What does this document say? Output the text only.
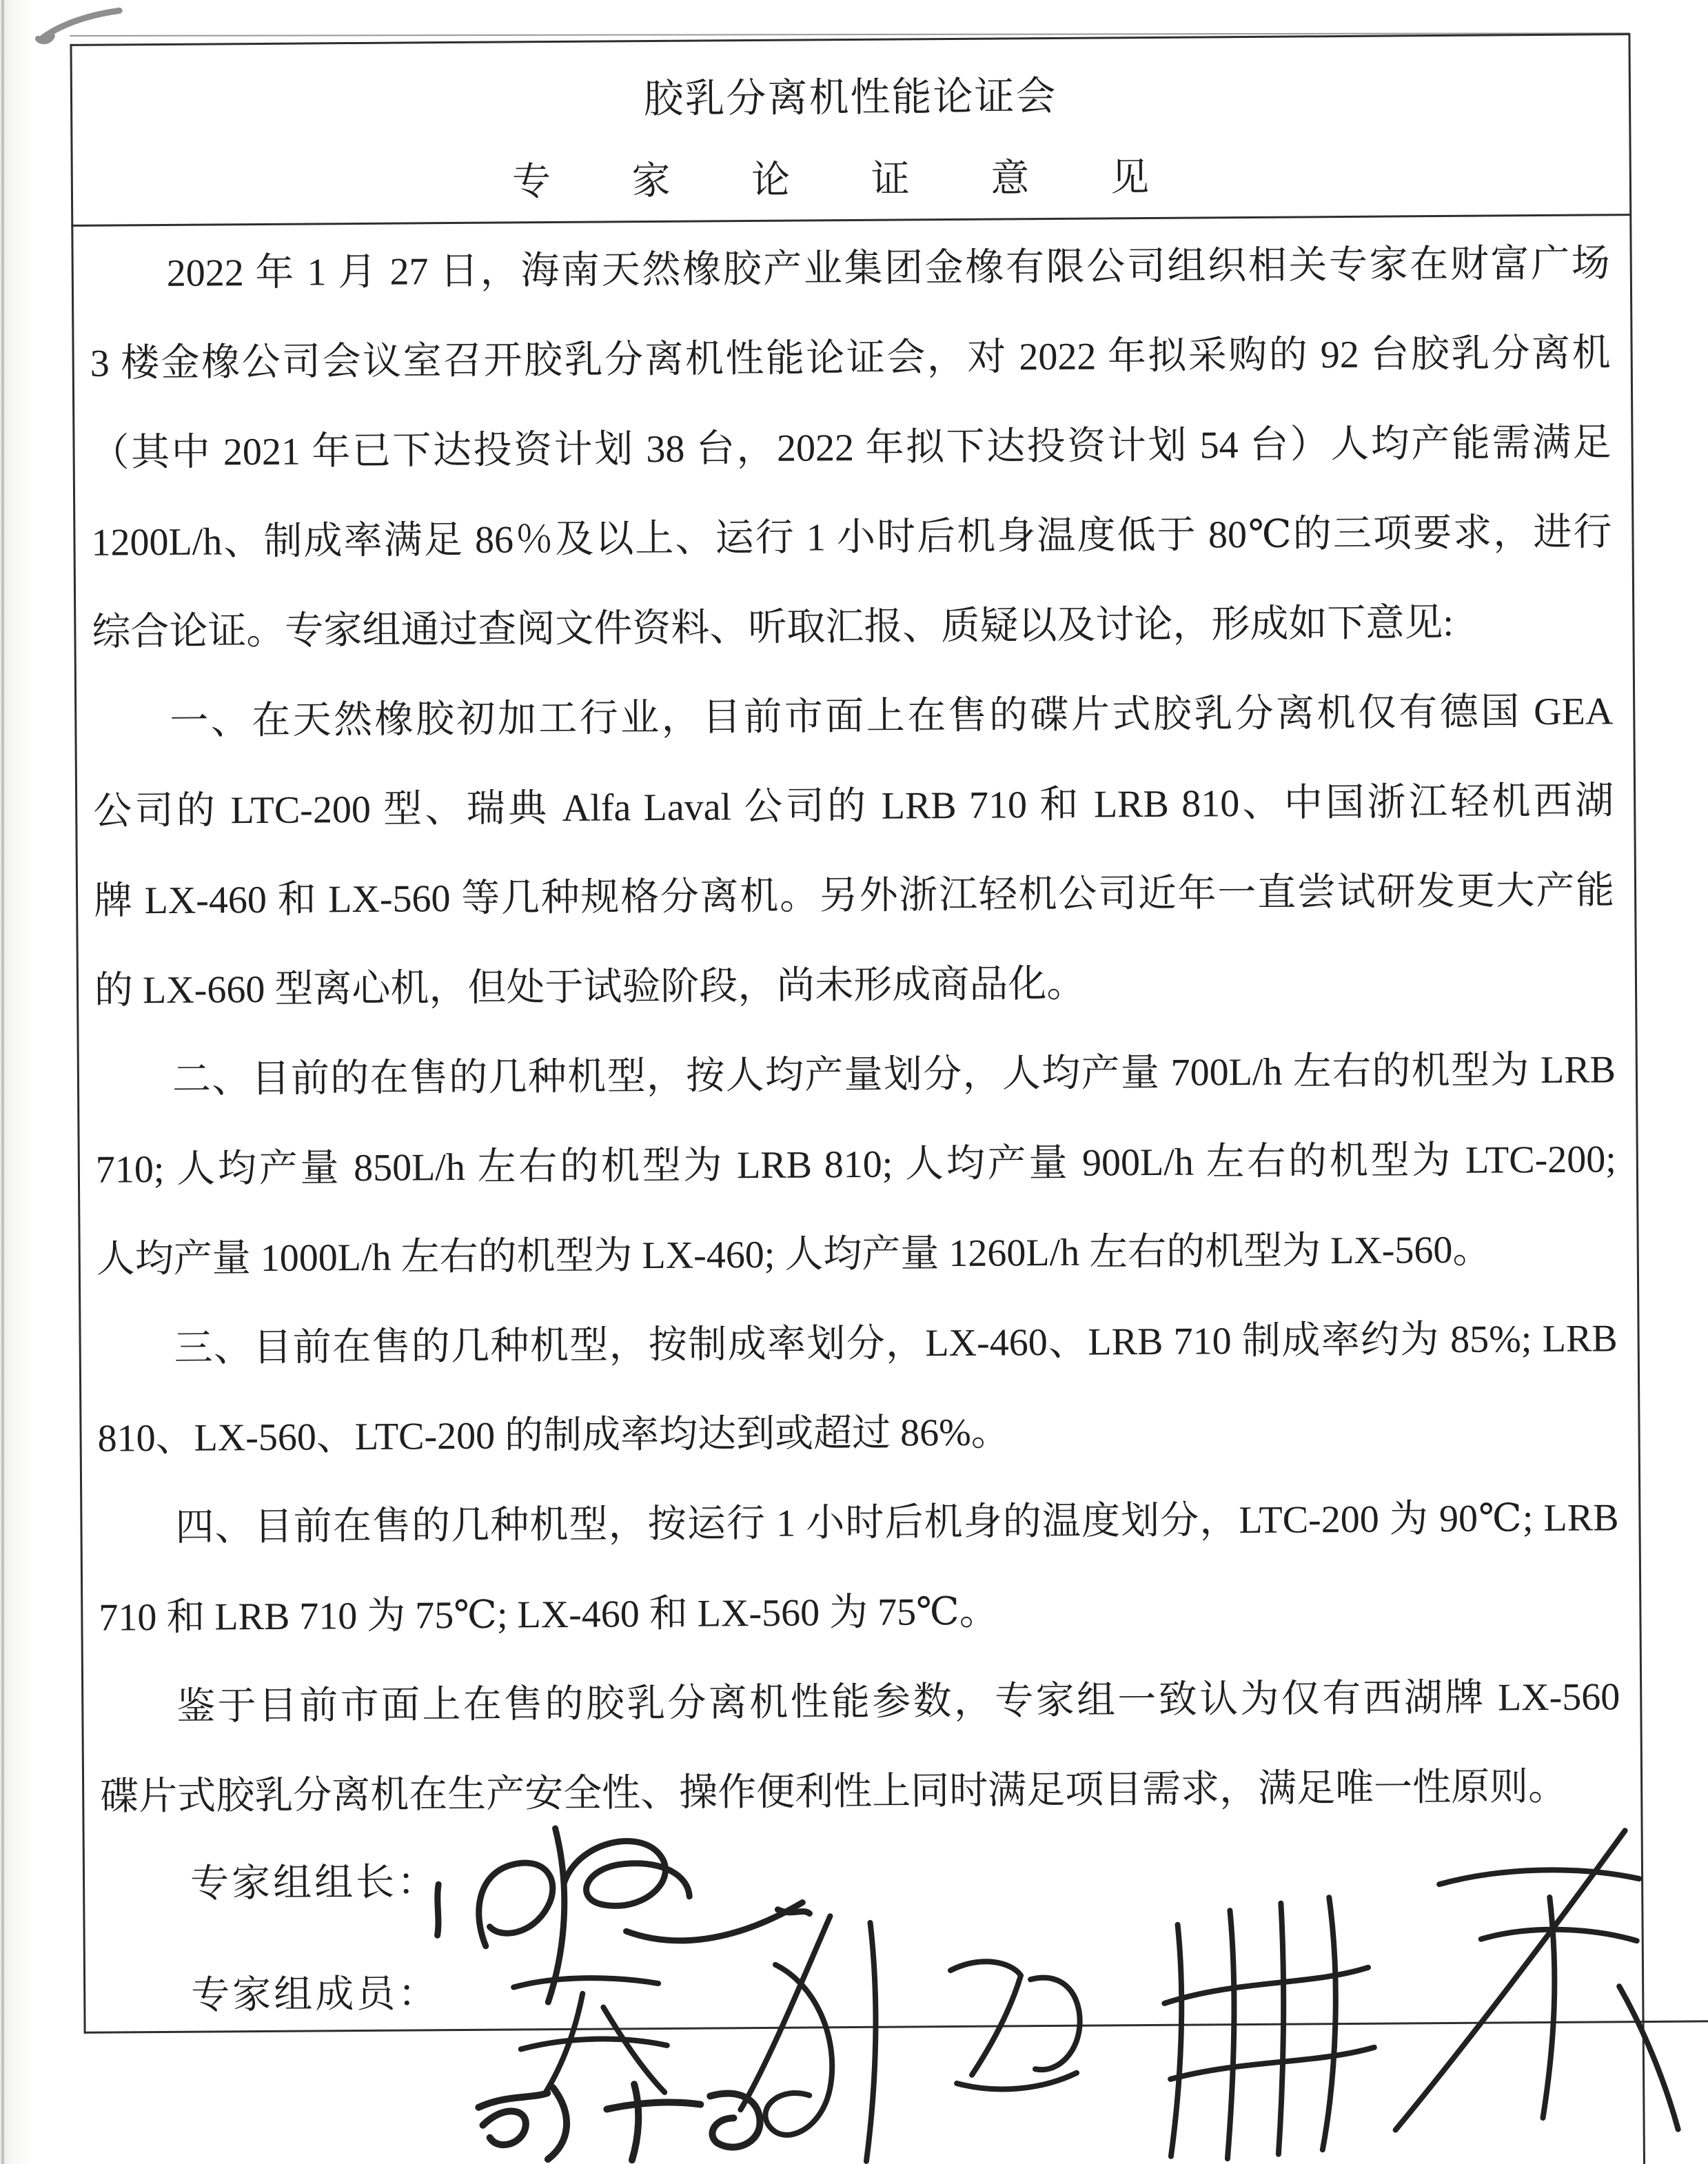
胶乳分离机性能论证会
专家论证意见
2022 年 1 月 27 日，海南天然橡胶产业集团金橡有限公司组织相关专家在财富广场
3 楼金橡公司会议室召开胶乳分离机性能论证会，对 2022 年拟采购的 92 台胶乳分离机
（其中 2021 年已下达投资计划 38 台，2022 年拟下达投资计划 54 台）人均产能需满足
1200L/h、制成率满足 86％及以上、运行 1 小时后机身温度低于 80℃的三项要求，进行
综合论证。专家组通过查阅文件资料、听取汇报、质疑以及讨论，形成如下意见:
一、在天然橡胶初加工行业，目前市面上在售的碟片式胶乳分离机仅有德国 GEA
公司的 LTC-200 型、瑞典 Alfa Laval 公司的 LRB 710 和 LRB 810、中国浙江轻机西湖
牌 LX-460 和 LX-560 等几种规格分离机。另外浙江轻机公司近年一直尝试研发更大产能
的 LX-660 型离心机，但处于试验阶段，尚未形成商品化。
二、目前的在售的几种机型，按人均产量划分，人均产量 700L/h 左右的机型为 LRB
710; 人均产量 850L/h 左右的机型为 LRB 810; 人均产量 900L/h 左右的机型为 LTC-200;
人均产量 1000L/h 左右的机型为 LX-460; 人均产量 1260L/h 左右的机型为 LX-560。
三、目前在售的几种机型，按制成率划分，LX-460、LRB 710 制成率约为 85%; LRB
810、LX-560、LTC-200 的制成率均达到或超过 86%。
四、目前在售的几种机型，按运行 1 小时后机身的温度划分，LTC-200 为 90℃; LRB
710 和 LRB 710 为 75℃; LX-460 和 LX-560 为 75℃。
鉴于目前市面上在售的胶乳分离机性能参数，专家组一致认为仅有西湖牌 LX-560
碟片式胶乳分离机在生产安全性、操作便利性上同时满足项目需求，满足唯一性原则。
专家组组长：
专家组成员：
